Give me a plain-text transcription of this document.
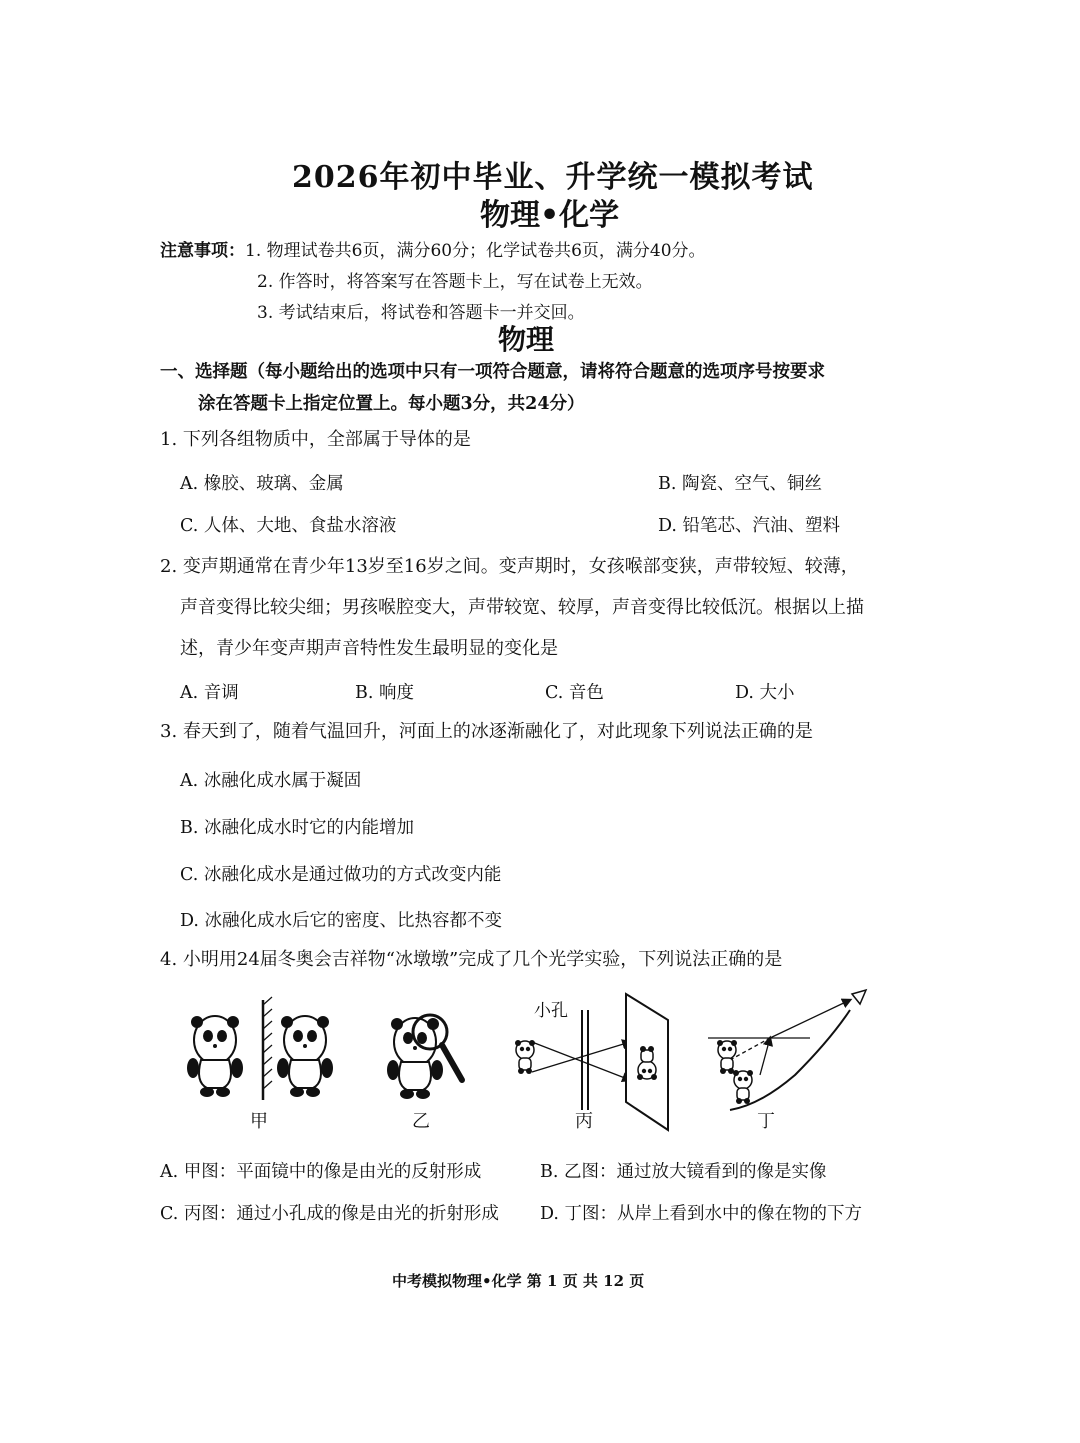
2026年初中毕业、升学统一模拟考试
物理•化学
注意事项：1. 物理试卷共6页，满分60分；化学试卷共6页，满分40分。
2. 作答时，将答案写在答题卡上，写在试卷上无效。
3. 考试结束后，将试卷和答题卡一并交回。
物理
一、选择题（每小题给出的选项中只有一项符合题意，请将符合题意的选项序号按要求
涂在答题卡上指定位置上。每小题3分，共24分）
1. 下列各组物质中，全部属于导体的是
A. 橡胶、玻璃、金属	B. 陶瓷、空气、铜丝
C. 人体、大地、食盐水溶液	D. 铅笔芯、汽油、塑料
2. 变声期通常在青少年13岁至16岁之间。变声期时，女孩喉部变狭，声带较短、较薄，
声音变得比较尖细；男孩喉腔变大，声带较宽、较厚，声音变得比较低沉。根据以上描
述，青少年变声期声音特性发生最明显的变化是
A. 音调	B. 响度	C. 音色	D. 大小
3. 春天到了，随着气温回升，河面上的冰逐渐融化了，对此现象下列说法正确的是
A. 冰融化成水属于凝固
B. 冰融化成水时它的内能增加
C. 冰融化成水是通过做功的方式改变内能
D. 冰融化成水后它的密度、比热容都不变
4. 小明用24届冬奥会吉祥物“冰墩墩”完成了几个光学实验，下列说法正确的是
小孔
甲	乙	丙	丁
A. 甲图：平面镜中的像是由光的反射形成	B. 乙图：通过放大镜看到的像是实像
C. 丙图：通过小孔成的像是由光的折射形成 D. 丁图：从岸上看到水中的像在物的下方
中考模拟物理•化学 第 1 页 共 12 页
